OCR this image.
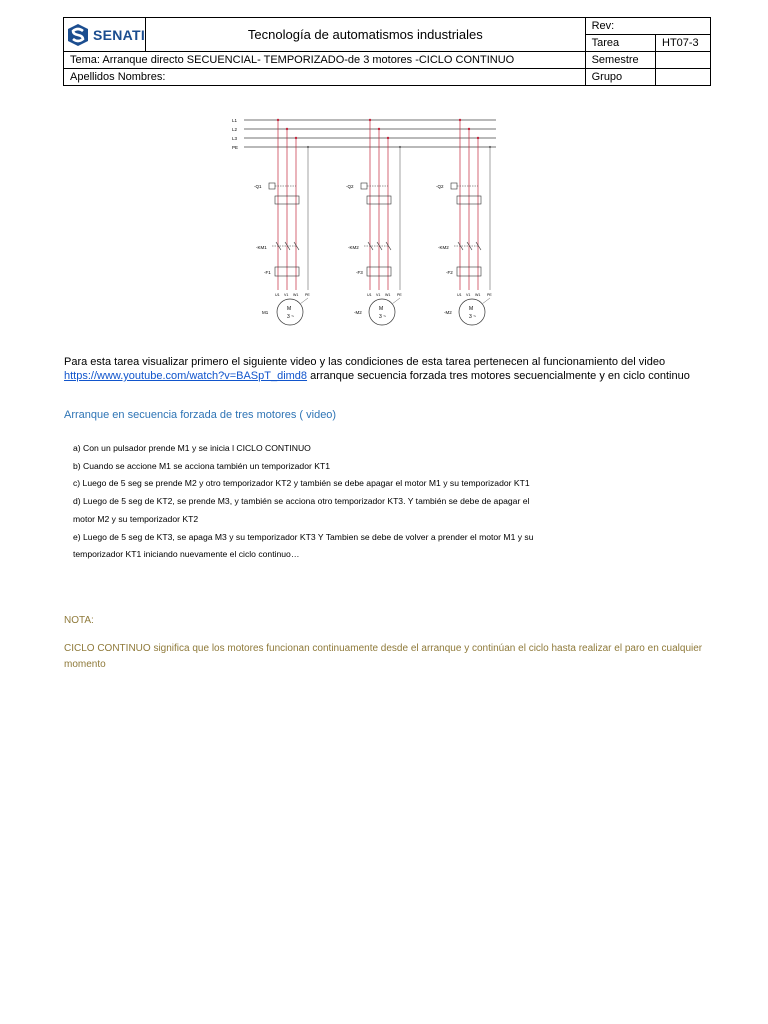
SENATI	Tecnología de automatismos industriales	Rev:	
		Tarea	HT07-3
Tema: Arranque directo SECUENCIAL- TEMPORIZADO-de 3 motores -CICLO CONTINUO		Semestre	
Apellidos Nombres:		Grupo	
L1
L2
L3
PE
-Q1
-KM1
-F1
U1 V1 W1 PE
M
3 ~
M1
-Q2
-KM2
-F3
U1 V1 W1 PE
M
3 ~
-M2
-Q2
-KM2
-F2
U1 V1 W1 PE
M
3 ~
-M2
Para esta tarea visualizar primero el siguiente video y las condiciones de esta tarea pertenecen al funcionamiento del video
https://www.youtube.com/watch?v=BASpT_dimd8 arranque secuencia forzada tres motores secuencialmente y en ciclo continuo
Arranque en secuencia forzada de tres motores ( video)

a) Con un pulsador prende M1 y se inicia l CICLO CONTINUO

b) Cuando se accione M1 se acciona también un temporizador KT1

c) Luego de 5 seg se prende M2 y otro temporizador KT2 y también se debe apagar el motor M1 y su temporizador KT1

d) Luego de 5 seg de KT2, se prende M3, y también se acciona otro temporizador KT3. Y también se debe de apagar el motor M2 y su temporizador KT2

e) Luego de 5 seg de KT3, se apaga M3 y su temporizador KT3 Y Tambien se debe de volver a prender el motor M1 y su temporizador KT1 iniciando nuevamente el ciclo continuo…

NOTA:
CICLO CONTINUO significa que los motores funcionan continuamente desde el arranque y continúan el ciclo hasta realizar el paro en cualquier momento
